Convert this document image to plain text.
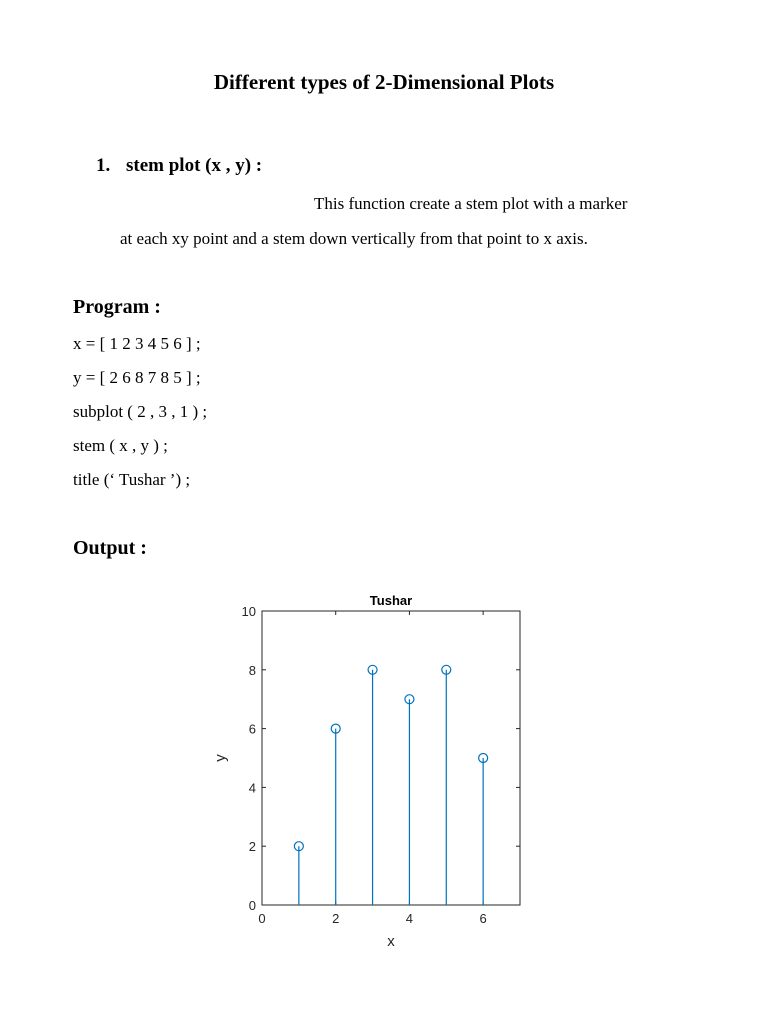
Different types of 2-Dimensional Plots
1. stem plot (x , y) :
This function create a stem plot with a marker
at each xy point and a stem down vertically from that point to x axis.
Program :
x = [ 1 2 3 4 5 6 ] ;
y = [ 2 6 8 7 8 5 ] ;
subplot ( 2 , 3 , 1 ) ;
stem ( x , y ) ;
title (‘ Tushar ’) ;
Output :
0	2	4	6
0
2
4
6
8
10
Tushar
x
y
